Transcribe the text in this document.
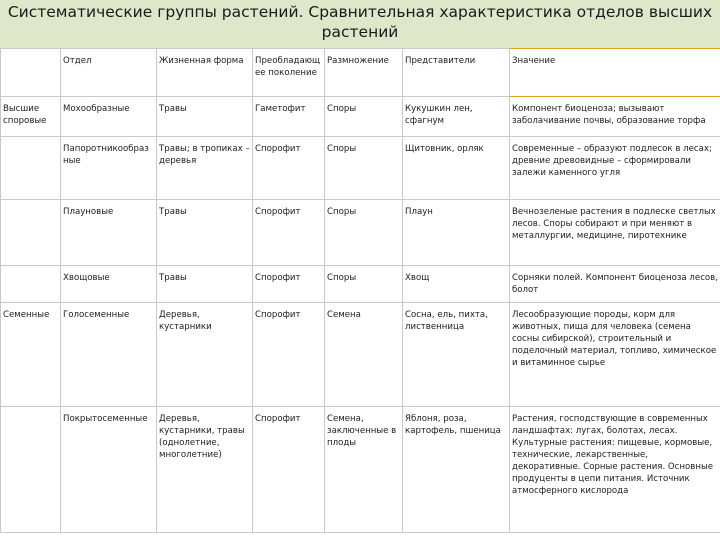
Систематические группы растений. Сравнительная характеристика отделов высших растений
	Отдел	Жизненная форма	Преобладающ ее поколение	Размножение	Представители	Значение
Высшие споровые	Мохообразные	Травы	Гаметофит	Споры	Кукушкин лен, сфагнум	Компонент биоценоза; вызывают заболачивание почвы, образование торфа
	Папоротникообраз ные	Травы; в тропиках – деревья	Спорофит	Споры	Щитовник, орляк	Современные – образуют подлесок в лесах; древние древовидные – сформировали залежи каменного угля
	Плауновые	Травы	Спорофит	Споры	Плаун	Вечнозеленые растения в подлеске светлых лесов. Споры собирают и при меняют в металлургии, медицине, пиротехнике
	Хвощовые	Травы	Спорофит	Споры	Хвощ	Сорняки полей. Компонент биоценоза лесов, болот
Семенные	Голосеменные	Деревья, кустарники	Спорофит	Семена	Сосна, ель, пихта, лиственница	Лесообразующие породы, корм для животных, пища для человека (семена сосны сибирской), строительный и поделочный материал, топливо, химическое и витаминное сырье
	Покрытосеменные	Деревья, кустарники, травы (однолетние, многолетние)	Спорофит	Семена, заключенные в плоды	Яблоня, роза, картофель, пшеница	Растения, господствующие в современных ландшафтах: лугах, болотах, лесах. Культурные растения: пищевые, кормовые, технические, лекарственные, декоративные. Сорные растения. Основные продуценты в цепи питания. Источник атмосферного кислорода
